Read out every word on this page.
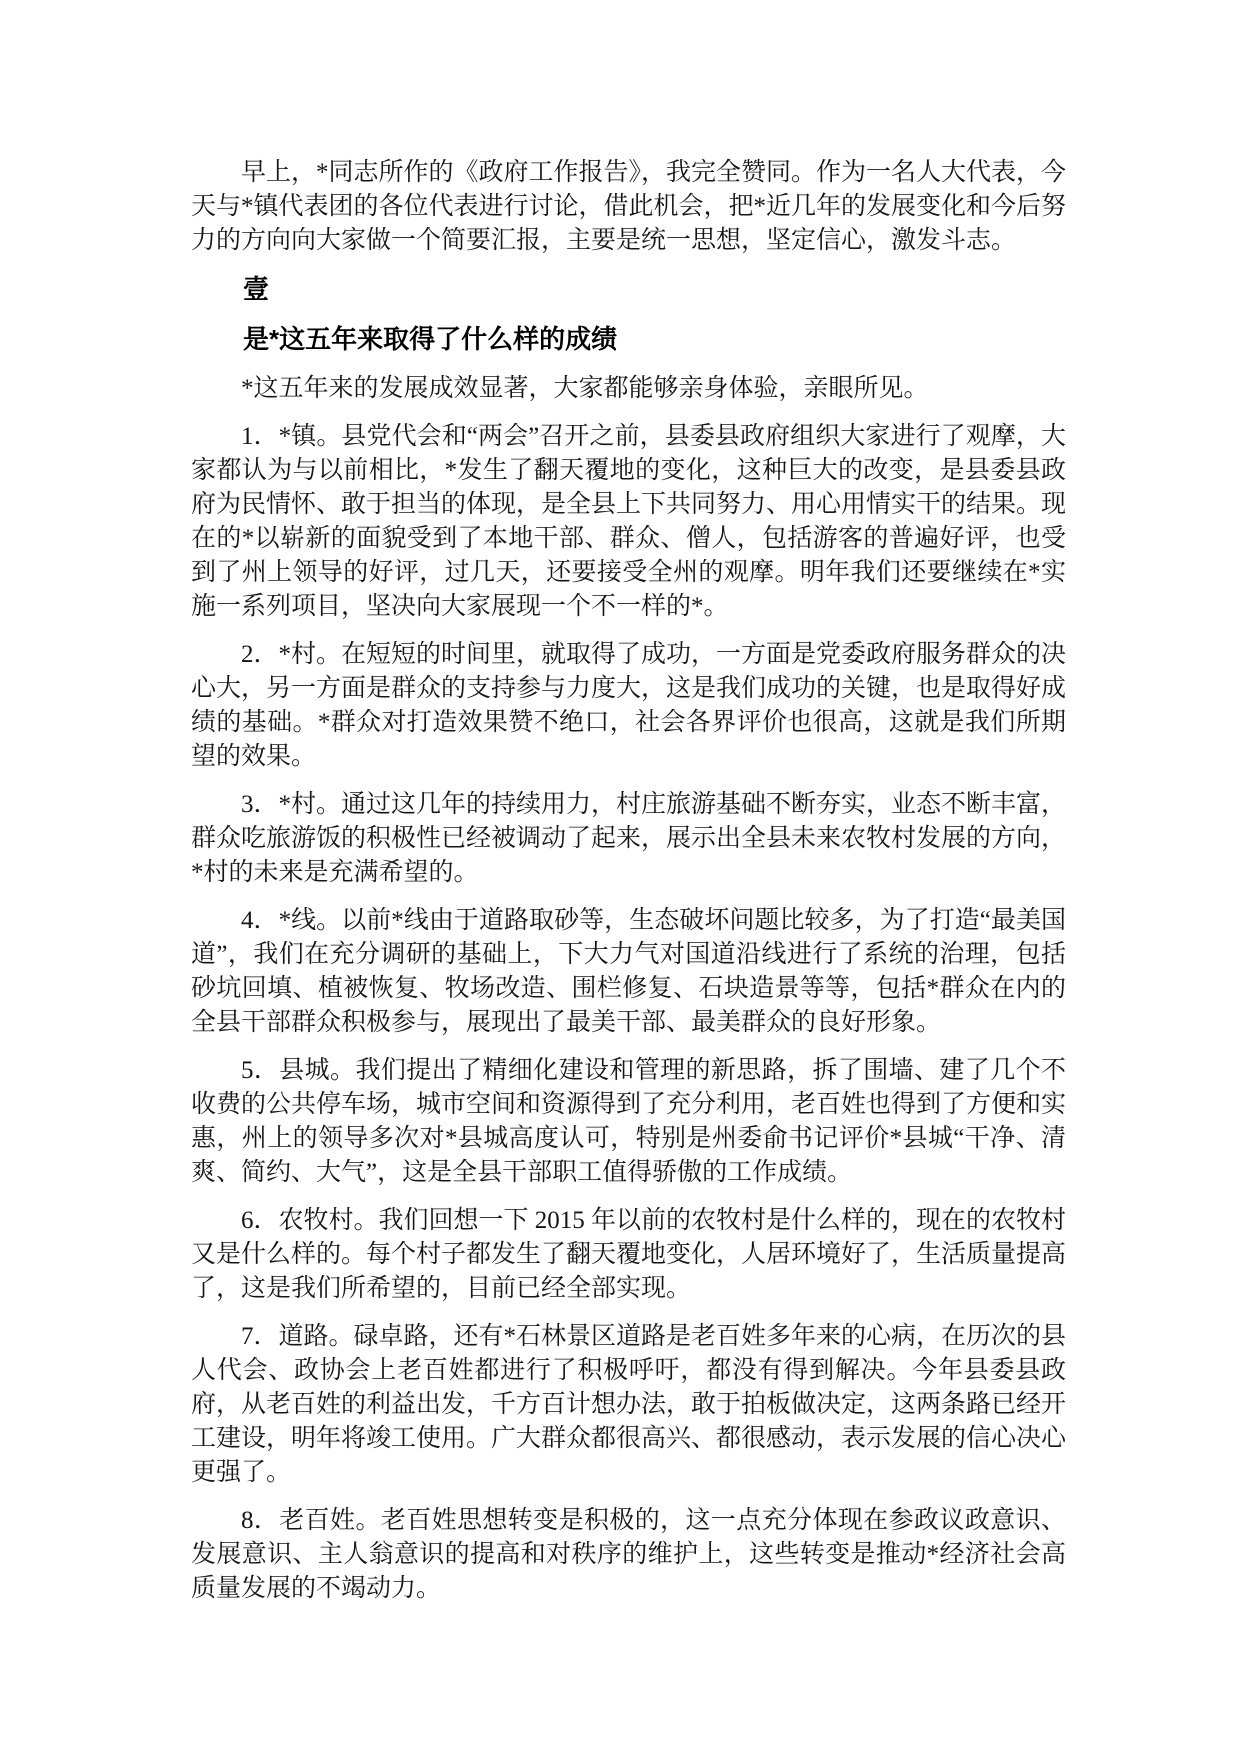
早上，*同志所作的《政府工作报告》，我完全赞同。作为一名人大代表，今天与*镇代表团的各位代表进行讨论，借此机会，把*近几年的发展变化和今后努力的方向向大家做一个简要汇报，主要是统一思想，坚定信心，激发斗志。

壹
是*这五年来取得了什么样的成绩

*这五年来的发展成效显著，大家都能够亲身体验，亲眼所见。

1．*镇。县党代会和“两会”召开之前，县委县政府组织大家进行了观摩，大家都认为与以前相比，*发生了翻天覆地的变化，这种巨大的改变，是县委县政府为民情怀、敢于担当的体现，是全县上下共同努力、用心用情实干的结果。现在的*以崭新的面貌受到了本地干部、群众、僧人，包括游客的普遍好评，也受到了州上领导的好评，过几天，还要接受全州的观摩。明年我们还要继续在*实施一系列项目，坚决向大家展现一个不一样的*。

2．*村。在短短的时间里，就取得了成功，一方面是党委政府服务群众的决心大，另一方面是群众的支持参与力度大，这是我们成功的关键，也是取得好成绩的基础。*群众对打造效果赞不绝口，社会各界评价也很高，这就是我们所期望的效果。

3．*村。通过这几年的持续用力，村庄旅游基础不断夯实，业态不断丰富，群众吃旅游饭的积极性已经被调动了起来，展示出全县未来农牧村发展的方向，*村的未来是充满希望的。

4．*线。以前*线由于道路取砂等，生态破坏问题比较多，为了打造“最美国道”，我们在充分调研的基础上，下大力气对国道沿线进行了系统的治理，包括砂坑回填、植被恢复、牧场改造、围栏修复、石块造景等等，包括*群众在内的全县干部群众积极参与，展现出了最美干部、最美群众的良好形象。

5．县城。我们提出了精细化建设和管理的新思路，拆了围墙、建了几个不收费的公共停车场，城市空间和资源得到了充分利用，老百姓也得到了方便和实惠，州上的领导多次对*县城高度认可，特别是州委俞书记评价*县城“干净、清爽、简约、大气”，这是全县干部职工值得骄傲的工作成绩。

6．农牧村。我们回想一下 2015 年以前的农牧村是什么样的，现在的农牧村又是什么样的。每个村子都发生了翻天覆地变化，人居环境好了，生活质量提高了，这是我们所希望的，目前已经全部实现。

7．道路。碌卓路，还有*石林景区道路是老百姓多年来的心病，在历次的县人代会、政协会上老百姓都进行了积极呼吁，都没有得到解决。今年县委县政府，从老百姓的利益出发，千方百计想办法，敢于拍板做决定，这两条路已经开工建设，明年将竣工使用。广大群众都很高兴、都很感动，表示发展的信心决心更强了。

8．老百姓。老百姓思想转变是积极的，这一点充分体现在参政议政意识、发展意识、主人翁意识的提高和对秩序的维护上，这些转变是推动*经济社会高质量发展的不竭动力。
